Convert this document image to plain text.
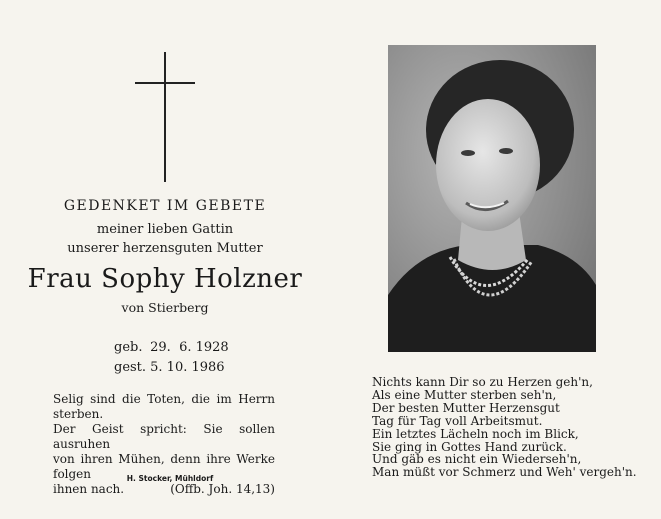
GEDENKET IM GEBETE
meiner lieben Gattin
unserer herzensguten Mutter
Frau Sophy Holzner
von Stierberg
geb. 29.  6. 1928
gest. 5. 10. 1986
Selig sind die Toten, die im Herrn sterben.
Der Geist spricht: Sie sollen ausruhen
von ihren Mühen, denn ihre Werke folgen
ihnen nach.	(Offb. Joh. 14,13)
H. Stocker, Mühldorf
Nichts kann Dir so zu Herzen geh'n,
Als eine Mutter sterben seh'n,
Der besten Mutter Herzensgut
Tag für Tag voll Arbeitsmut.
Ein letztes Lächeln noch im Blick,
Sie ging in Gottes Hand zurück.
Und gäb es nicht ein Wiederseh'n,
Man müßt vor Schmerz und Weh' vergeh'n.
